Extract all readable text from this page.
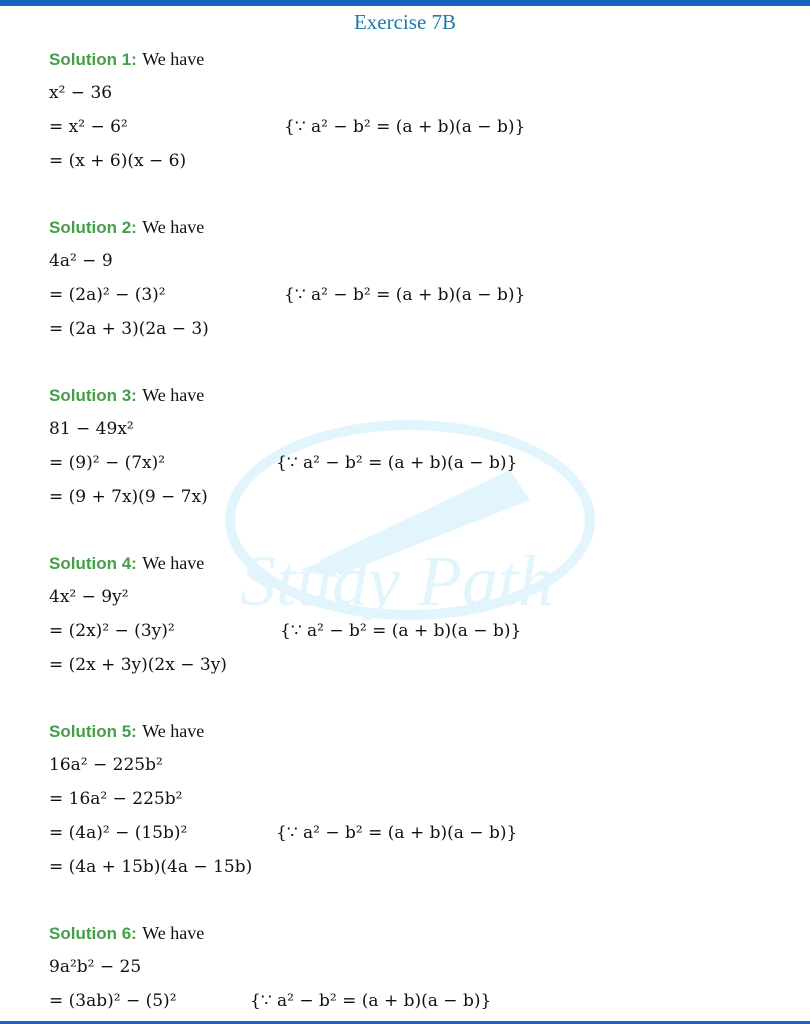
Exercise 7B
Study Path
Solution 1: We have
x² − 36
= x² − 6²	{∵ a² − b² = (a + b)(a − b)}
= (x + 6)(x − 6)
Solution 2: We have
4a² − 9
= (2a)² − (3)²	{∵ a² − b² = (a + b)(a − b)}
= (2a + 3)(2a − 3)
Solution 3: We have
81 − 49x²
= (9)² − (7x)²	{∵ a² − b² = (a + b)(a − b)}
= (9 + 7x)(9 − 7x)
Solution 4: We have
4x² − 9y²
= (2x)² − (3y)²	{∵ a² − b² = (a + b)(a − b)}
= (2x + 3y)(2x − 3y)
Solution 5: We have
16a² − 225b²
= 16a² − 225b²
= (4a)² − (15b)²	{∵ a² − b² = (a + b)(a − b)}
= (4a + 15b)(4a − 15b)
Solution 6: We have
9a²b² − 25
= (3ab)² − (5)²	{∵ a² − b² = (a + b)(a − b)}
